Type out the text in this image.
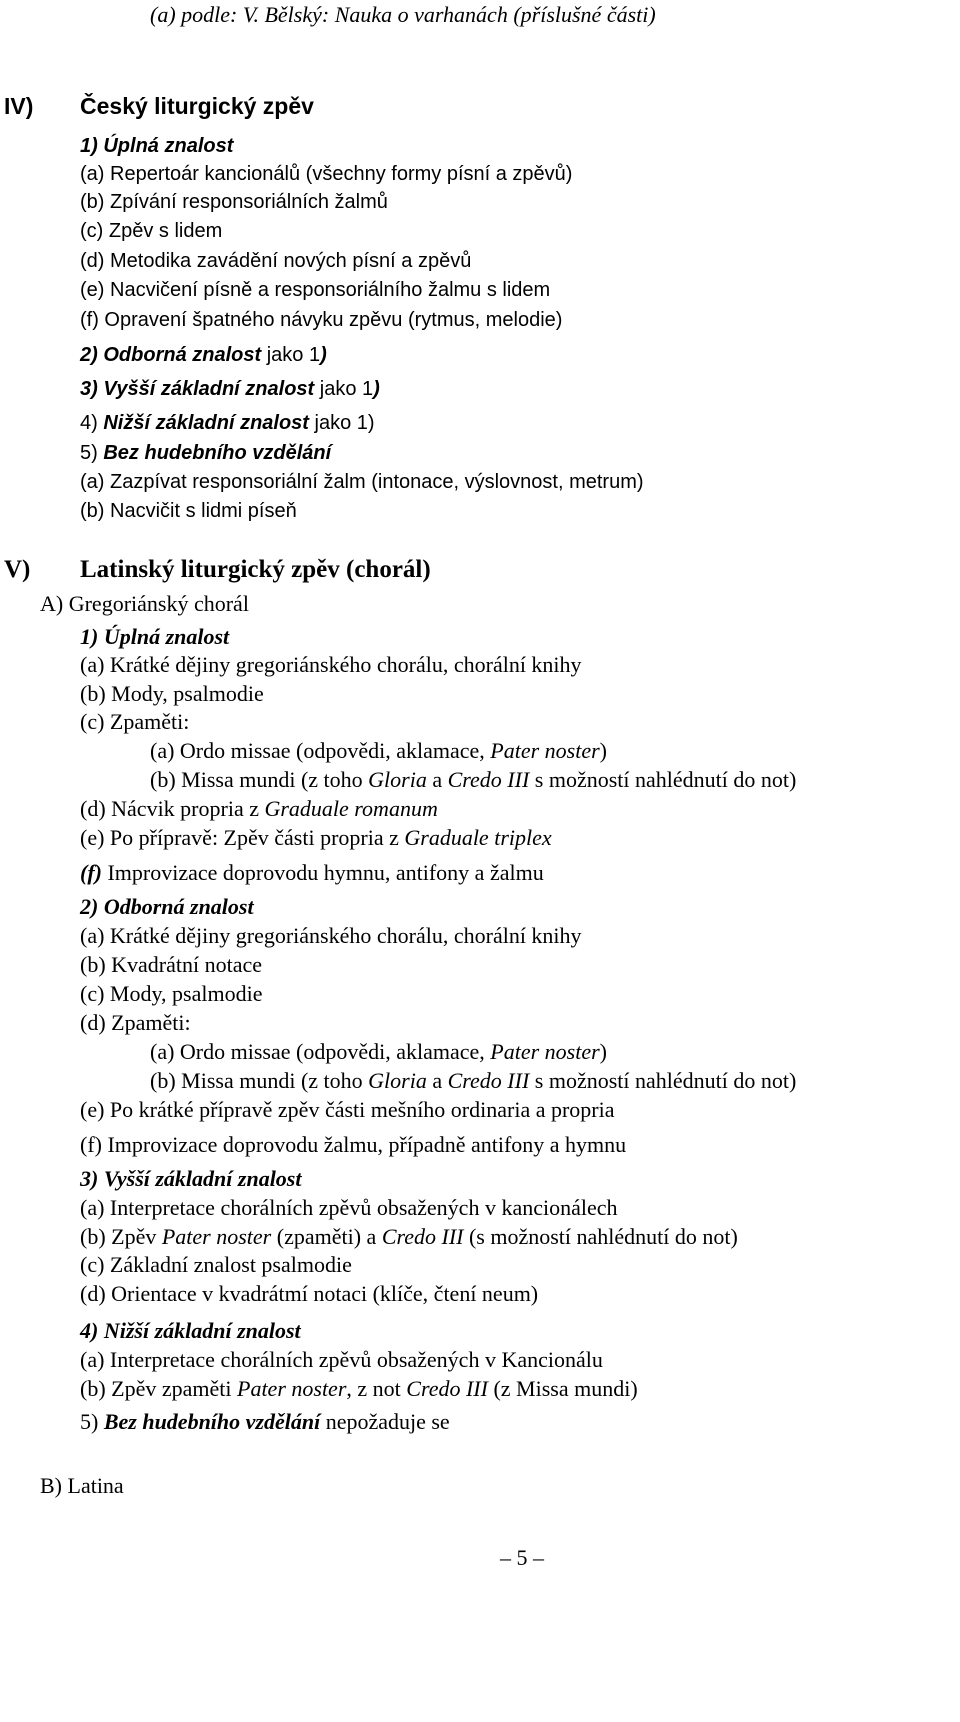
(a) podle: V. Bělský: Nauka o varhanách (příslušné části)
IV) Český liturgický zpěv
1) Úplná znalost
(a) Repertoár kancionálů (všechny formy písní a zpěvů)
(b) Zpívání responsoriálních žalmů
(c) Zpěv s lidem
(d) Metodika zavádění nových písní a zpěvů
(e) Nacvičení písně a responsoriálního žalmu s lidem
(f) Opravení špatného návyku zpěvu (rytmus, melodie)
2) Odborná znalost jako 1)
3) Vyšší základní znalost jako 1)
4) Nižší základní znalost jako 1)
5) Bez hudebního vzdělání
(a) Zazpívat responsoriální žalm (intonace, výslovnost, metrum)
(b) Nacvičit s lidmi píseň
V) Latinský liturgický zpěv (chorál)
A) Gregoriánský chorál
1) Úplná znalost
(a) Krátké dějiny gregoriánského chorálu, chorální knihy
(b) Mody, psalmodie
(c) Zpaměti:
(a) Ordo missae (odpovědi, aklamace, Pater noster)
(b) Missa mundi (z toho Gloria a Credo III s možností nahlédnutí do not)
(d) Nácvik propria z Graduale romanum
(e) Po přípravě: Zpěv části propria z Graduale triplex
(f) Improvizace doprovodu hymnu, antifony a žalmu
2) Odborná znalost
(a) Krátké dějiny gregoriánského chorálu, chorální knihy
(b) Kvadrátní notace
(c) Mody, psalmodie
(d) Zpaměti:
(a) Ordo missae (odpovědi, aklamace, Pater noster)
(b) Missa mundi (z toho Gloria a Credo III s možností nahlédnutí do not)
(e) Po krátké přípravě zpěv části mešního ordinaria a propria
(f) Improvizace doprovodu žalmu, případně antifony a hymnu
3) Vyšší základní znalost
(a) Interpretace chorálních zpěvů obsažených v kancionálech
(b) Zpěv Pater noster (zpaměti) a Credo III (s možností nahlédnutí do not)
(c) Základní znalost psalmodie
(d) Orientace v kvadrátmí notaci (klíče, čtení neum)
4) Nižší základní znalost
(a) Interpretace chorálních zpěvů obsažených v Kancionálu
(b) Zpěv zpaměti Pater noster, z not Credo III (z Missa mundi)
5) Bez hudebního vzdělání nepožaduje se
B) Latina
– 5 –
